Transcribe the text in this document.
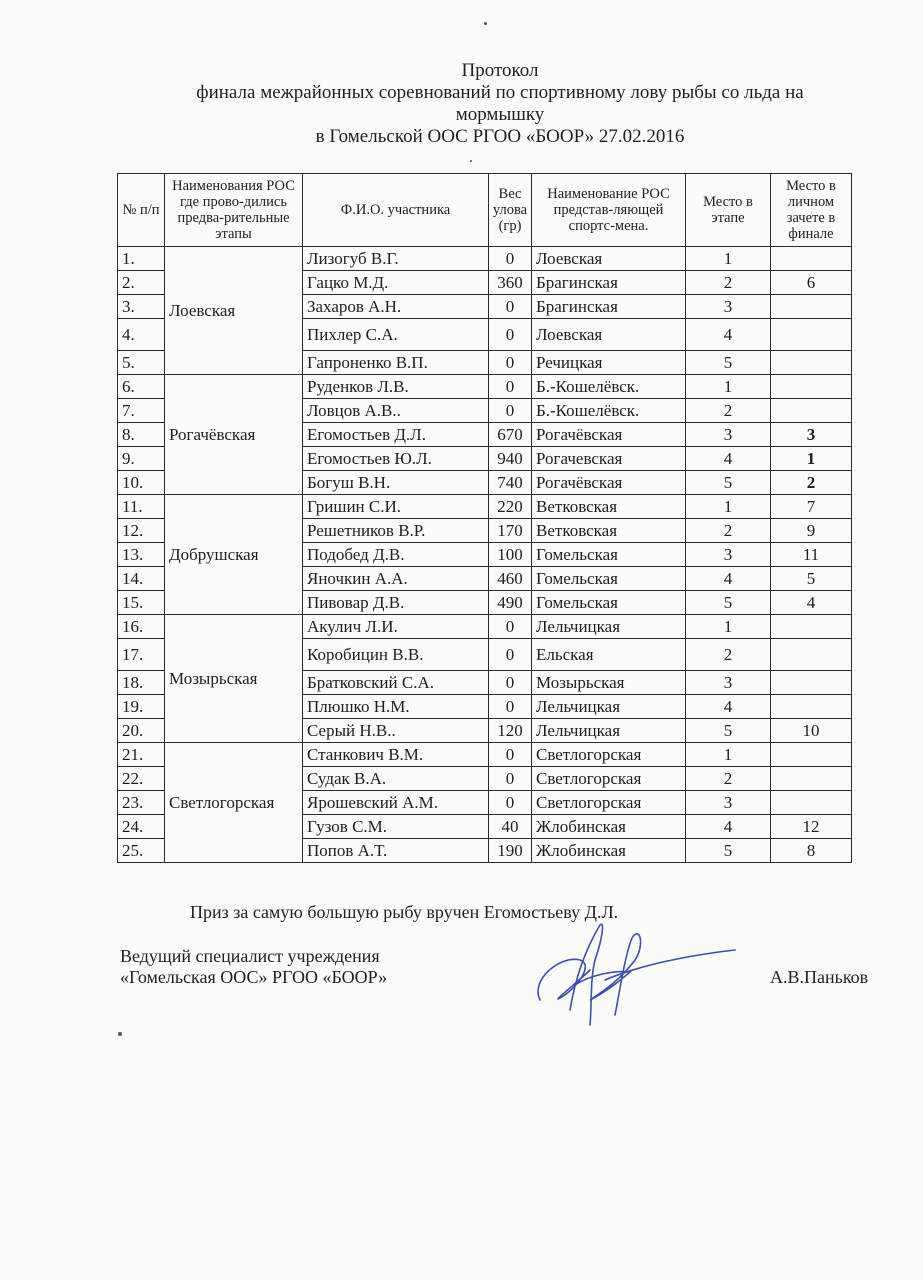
Протокол
финала межрайонных соревнований по спортивному лову рыбы со льда на
мормышку
в Гомельской ООС РГОО «БООР» 27.02.2016
№ п/п	Наименования РОС где прово-дились предва-рительные этапы	Ф.И.О. участника	Вес улова (гр)	Наименование РОС представ-ляющей спортс-мена.	Место в этапе	Место в личном зачете в финале
1.	Лоевская	Лизогуб В.Г.	0	Лоевская	1	
2.		Гацко М.Д.	360	Брагинская	2	6
3.		Захаров А.Н.	0	Брагинская	3	
4.		Пихлер С.А.	0	Лоевская	4	
5.		Гапроненко В.П.	0	Речицкая	5	
6.	Рогачёвская	Руденков Л.В.	0	Б.-Кошелёвск.	1	
7.		Ловцов А.В..	0	Б.-Кошелёвск.	2	
8.		Егомостьев Д.Л.	670	Рогачёвская	3	3
9.		Егомостьев Ю.Л.	940	Рогачевская	4	1
10.		Богуш В.Н.	740	Рогачёвская	5	2
11.	Добрушская	Гришин С.И.	220	Ветковская	1	7
12.		Решетников В.Р.	170	Ветковская	2	9
13.		Подобед Д.В.	100	Гомельская	3	11
14.		Яночкин А.А.	460	Гомельская	4	5
15.		Пивовар Д.В.	490	Гомельская	5	4
16.	Мозырьская	Акулич Л.И.	0	Лельчицкая	1	
17.		Коробицин В.В.	0	Ельская	2	
18.		Братковский С.А.	0	Мозырьская	3	
19.		Плюшко Н.М.	0	Лельчицкая	4	
20.		Серый Н.В..	120	Лельчицкая	5	10
21.	Светлогорская	Станкович В.М.	0	Светлогорская	1	
22.		Судак В.А.	0	Светлогорская	2	
23.		Ярошевский А.М.	0	Светлогорская	3	
24.		Гузов С.М.	40	Жлобинская	4	12
25.		Попов А.Т.	190	Жлобинская	5	8
Приз за самую большую рыбу вручен Егомостьеву Д.Л.
Ведущий специалист учреждения
«Гомельская ООС» РГОО «БООР»	А.В.Паньков
